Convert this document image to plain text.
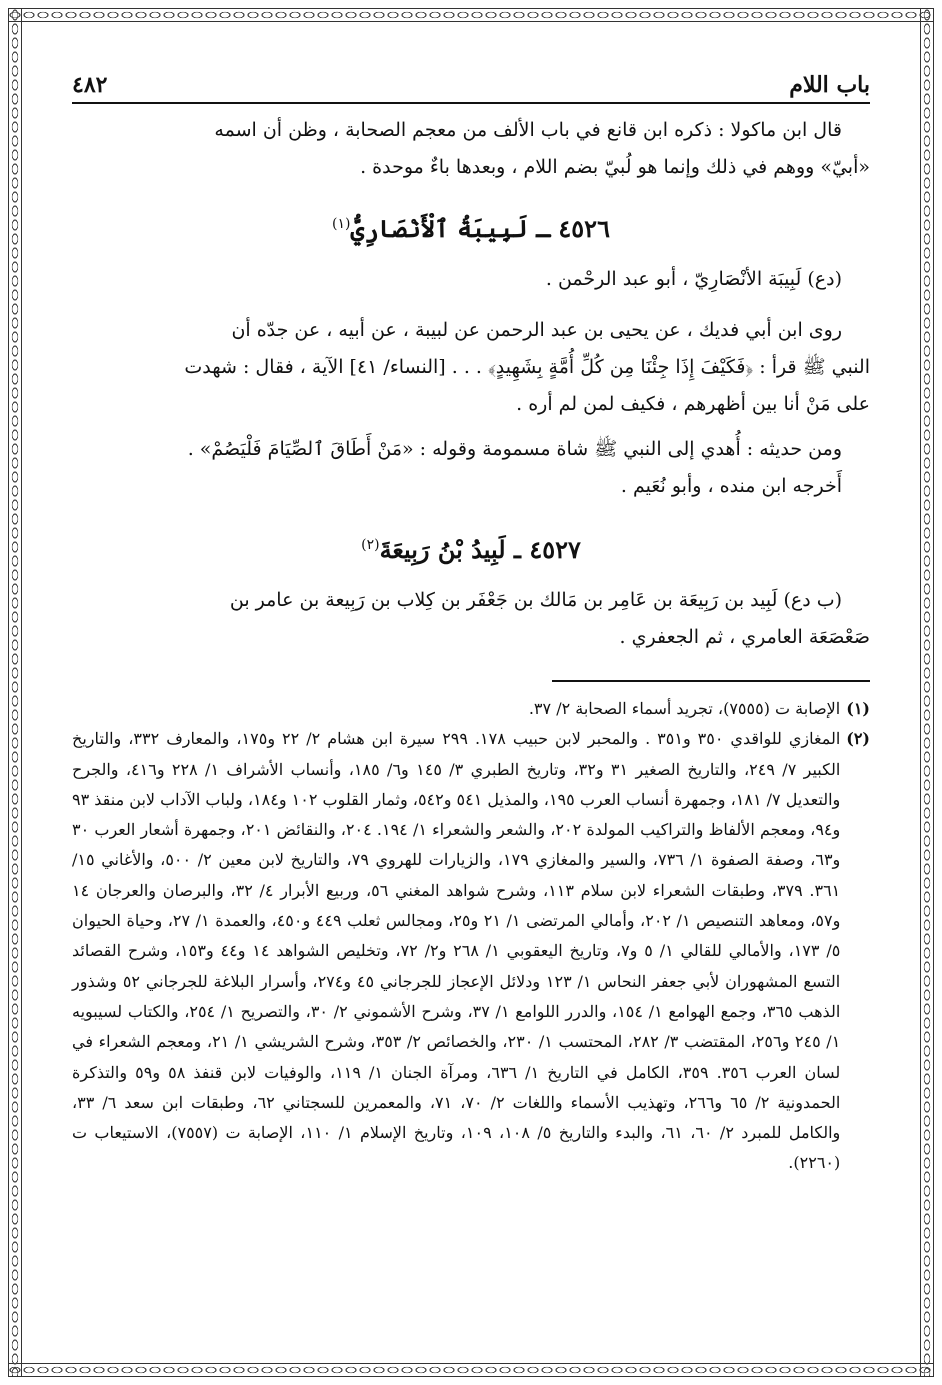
باب اللام
٤٨٢

قال ابن ماكولا : ذكره ابن قانع في باب الألف من معجم الصحابة ، وظن أن اسمه

«أبيّ» ووهم في ذلك وإنما هو لُبيّ بضم اللام ، وبعدها باءٌ موحدة .

٤٥٢٦ ـ لَبِيبَةُ ٱلْأَنْصَارِيُّ$^{(١)}$

(دع) لَبِيبَة الأنْصَارِيّ ، أبو عبد الرحْمن .

روى ابن أبي فديك ، عن يحيى بن عبد الرحمن عن لبيبة ، عن أبيه ، عن جدّه أن

النبي ﷺ قرأ : ﴿فَكَيْفَ إِذَا جِئْنَا مِن كُلِّ أُمَّةٍ بِشَهِيدٍ﴾ . . . [النساء/ ٤١] الآية ، فقال : شهدت

على مَنْ أنا بين أظهرهم ، فكيف لمن لم أره .

ومن حديثه : أُهدي إلى النبي ﷺ شاة مسمومة وقوله : «مَنْ أَطَاقَ ٱلصِّيَامَ فَلْيَصُمْ» .

أَخرجه ابن منده ، وأبو نُعَيم .

٤٥٢٧ ـ لَبِيدُ بْنُ رَبِيعَةَ$^{(٢)}$

(ب دع) لَبِيد بن رَبِيعَة بن عَامِر بن مَالك بن جَعْفَر بن كِلاب بن رَبِيعة بن عامر بن

صَعْصَعَة العامري ، ثم الجعفري .

(١)
الإصابة ت (٧٥٥٥)، تجريد أسماء الصحابة ٢/ ٣٧.
(٢)
المغازي للواقدي ٣٥٠ و٣٥١ . والمحبر لابن حبيب ١٧٨. ٢٩٩ سيرة ابن هشام ٢/ ٢٢ و١٧٥، والمعارف ٣٣٢، والتاريخ الكبير ٧/ ٢٤٩، والتاريخ الصغير ٣١ و٣٢، وتاريخ الطبري ٣/ ١٤٥ و٦/ ١٨٥، وأنساب الأشراف ١/ ٢٢٨ و٤١٦، والجرح والتعديل ٧/ ١٨١، وجمهرة أنساب العرب ١٩٥، والمذيل ٥٤١ و٥٤٢، وثمار القلوب ١٠٢ و١٨٤، ولباب الآداب لابن منقذ ٩٣ و٩٤، ومعجم الألفاظ والتراكيب المولدة ٢٠٢، والشعر والشعراء ١/ ١٩٤. ٢٠٤، والنقائض ٢٠١، وجمهرة أشعار العرب ٣٠ و٦٣، وصفة الصفوة ١/ ٧٣٦، والسير والمغازي ١٧٩، والزيارات للهروي ٧٩، والتاريخ لابن معين ٢/ ٥٠٠، والأغاني ١٥/ ٣٦١. ٣٧٩، وطبقات الشعراء لابن سلام ١١٣، وشرح شواهد المغني ٥٦، وربيع الأبرار ٤/ ٣٢، والبرصان والعرجان ١٤ و٥٧، ومعاهد التنصيص ١/ ٢٠٢، وأمالي المرتضى ١/ ٢١ و٢٥، ومجالس ثعلب ٤٤٩ و٤٥٠، والعمدة ١/ ٢٧، وحياة الحيوان ٥/ ١٧٣، والأمالي للقالي ١/ ٥ و٧، وتاريخ اليعقوبي ١/ ٢٦٨ و٢/ ٧٢، وتخليص الشواهد ١٤ و٤٤ و١٥٣، وشرح القصائد التسع المشهوران لأبي جعفر النحاس ١/ ١٢٣ ودلائل الإعجاز للجرجاني ٤٥ و٢٧٤، وأسرار البلاغة للجرجاني ٥٢ وشذور الذهب ٣٦٥، وجمع الهوامع ١/ ١٥٤، والدرر اللوامع ١/ ٣٧، وشرح الأشموني ٢/ ٣٠، والتصريح ١/ ٢٥٤، والكتاب لسيبويه ١/ ٢٤٥ و٢٥٦، المقتضب ٣/ ٢٨٢، المحتسب ١/ ٢٣٠، والخصائص ٢/ ٣٥٣، وشرح الشريشي ١/ ٢١، ومعجم الشعراء في لسان العرب ٣٥٦. ٣٥٩، الكامل في التاريخ ١/ ٦٣٦، ومرآة الجنان ١/ ١١٩، والوفيات لابن قنفذ ٥٨ و٥٩ والتذكرة الحمدونية ٢/ ٦٥ و٢٦٦، وتهذيب الأسماء واللغات ٢/ ٧٠، ٧١، والمعمرين للسجتاني ٦٢، وطبقات ابن سعد ٦/ ٣٣، والكامل للمبرد ٢/ ٦٠، ٦١، والبدء والتاريخ ٥/ ١٠٨، ١٠٩، وتاريخ الإسلام ١/ ١١٠، الإصابة ت (٧٥٥٧)، الاستيعاب ت (٢٢٦٠).
